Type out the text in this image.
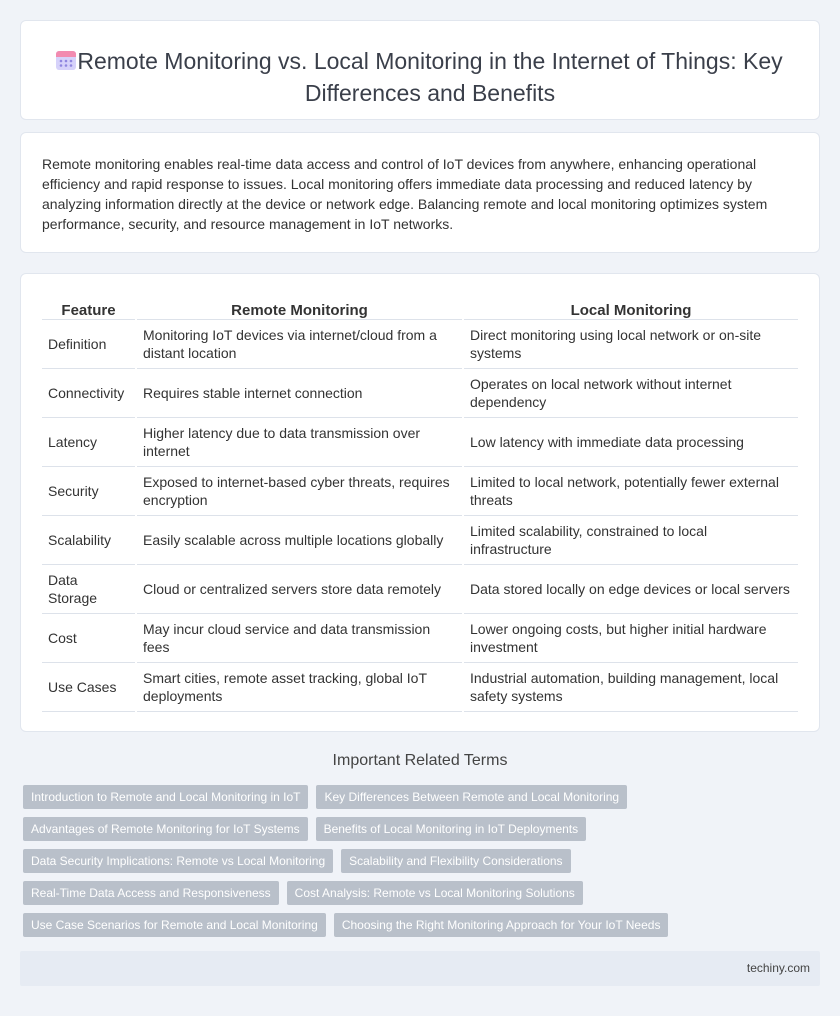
Remote Monitoring vs. Local Monitoring in the Internet of Things: Key Differences and Benefits

Remote monitoring enables real-time data access and control of IoT devices from anywhere, enhancing operational efficiency and rapid response to issues. Local monitoring offers immediate data processing and reduced latency by analyzing information directly at the device or network edge. Balancing remote and local monitoring optimizes system performance, security, and resource management in IoT networks.

Feature	Remote Monitoring	Local Monitoring
Definition	Monitoring IoT devices via internet/cloud from a distant location	Direct monitoring using local network or on-site systems
Connectivity	Requires stable internet connection	Operates on local network without internet dependency
Latency	Higher latency due to data transmission over internet	Low latency with immediate data processing
Security	Exposed to internet-based cyber threats, requires encryption	Limited to local network, potentially fewer external threats
Scalability	Easily scalable across multiple locations globally	Limited scalability, constrained to local infrastructure
Data Storage	Cloud or centralized servers store data remotely	Data stored locally on edge devices or local servers
Cost	May incur cloud service and data transmission fees	Lower ongoing costs, but higher initial hardware investment
Use Cases	Smart cities, remote asset tracking, global IoT deployments	Industrial automation, building management, local safety systems
Important Related Terms
Introduction to Remote and Local Monitoring in IoT	Key Differences Between Remote and Local Monitoring
Advantages of Remote Monitoring for IoT Systems	Benefits of Local Monitoring in IoT Deployments
Data Security Implications: Remote vs Local Monitoring	Scalability and Flexibility Considerations
Real-Time Data Access and Responsiveness	Cost Analysis: Remote vs Local Monitoring Solutions
Use Case Scenarios for Remote and Local Monitoring	Choosing the Right Monitoring Approach for Your IoT Needs
techiny.com
